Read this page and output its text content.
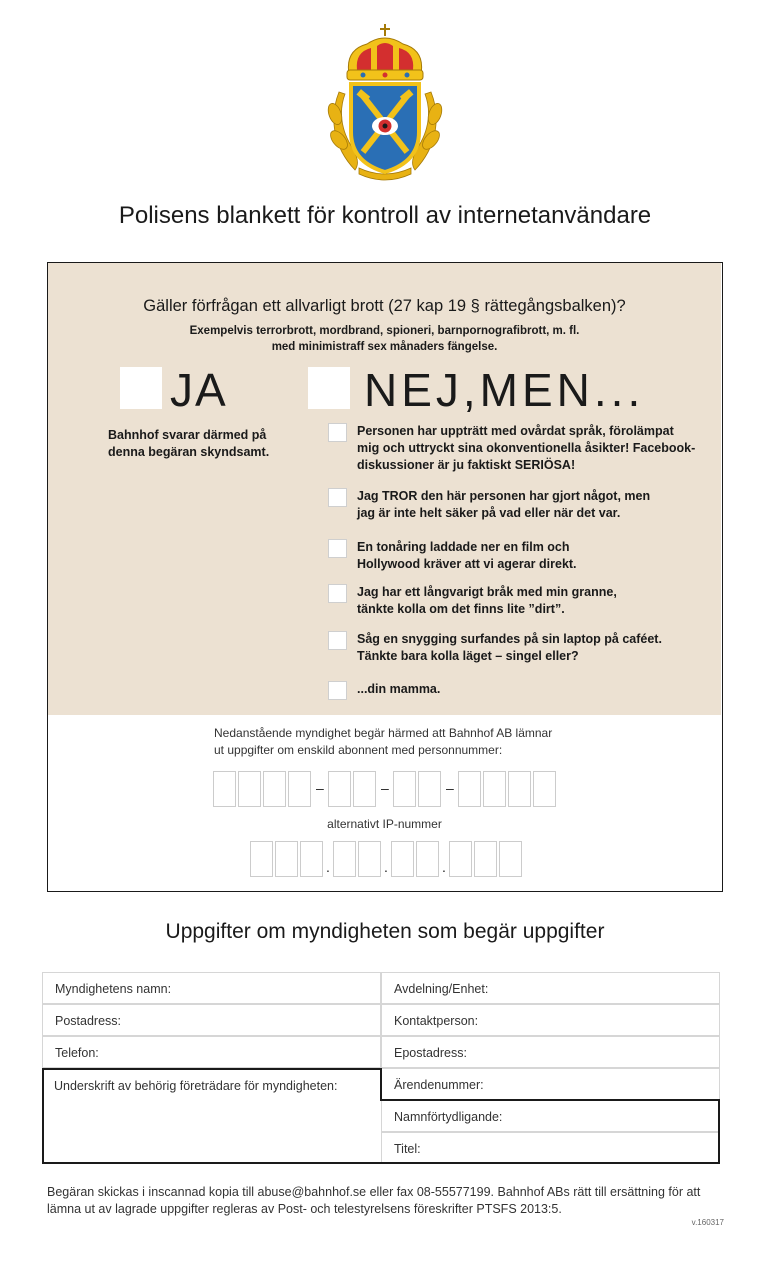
Polisens blankett för kontroll av internetanvändare
Gäller förfrågan ett allvarligt brott (27 kap 19 § rättegångsbalken)?
Exempelvis terrorbrott, mordbrand, spioneri, barnpornografibrott, m. fl.
med minimistraff sex månaders fängelse.
JA	NEJ,MEN...
Bahnhof svarar därmed på
denna begäran skyndsamt.
Personen har uppträtt med ovårdat språk, förolämpat
mig och uttryckt sina okonventionella åsikter! Facebook-
diskussioner är ju faktiskt SERIÖSA!
Jag TROR den här personen har gjort något, men
jag är inte helt säker på vad eller när det var.
En tonåring laddade ner en film och
Hollywood kräver att vi agerar direkt.
Jag har ett långvarigt bråk med min granne,
tänkte kolla om det finns lite ”dirt”.
Såg en snygging surfandes på sin laptop på caféet.
Tänkte bara kolla läget – singel eller?
...din mamma.
Nedanstående myndighet begär härmed att Bahnhof AB lämnar
ut uppgifter om enskild abonnent med personnummer:
–	–	–
alternativt IP-nummer
.	.	.
Uppgifter om myndigheten som begär uppgifter
Myndighetens namn:	Avdelning/Enhet:
Postadress:	Kontaktperson:
Telefon:	Epostadress:
Ärendenummer:
Namnförtydligande:
Titel:
Underskrift av behörig företrädare för myndigheten:
Begäran skickas i inscannad kopia till abuse@bahnhof.se eller fax 08-55577199. Bahnhof ABs rätt till ersättning för att
lämna ut av lagrade uppgifter regleras av Post- och telestyrelsens föreskrifter PTSFS 2013:5.
v.160317
